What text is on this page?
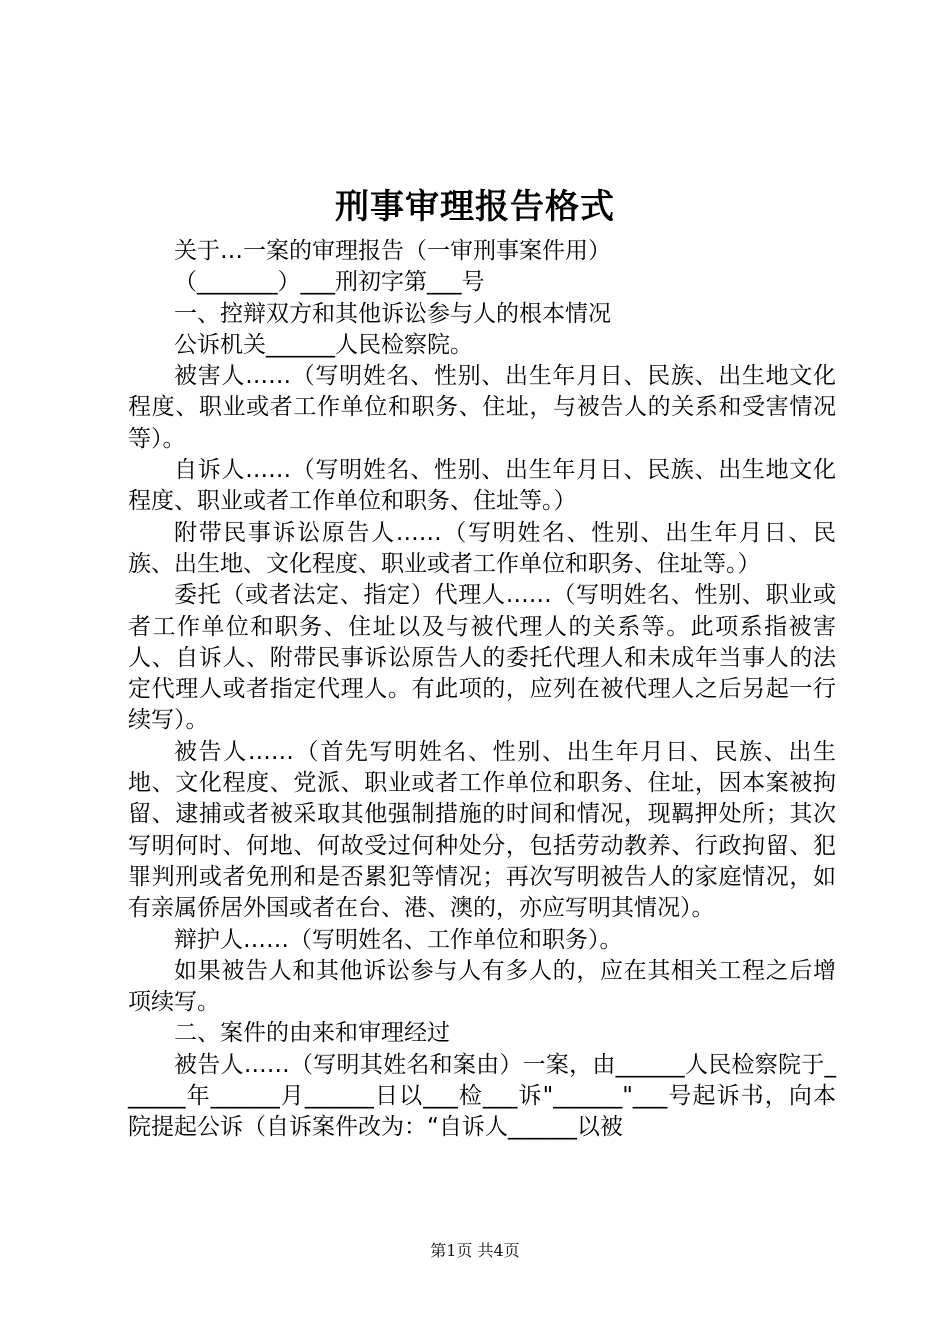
刑事审理报告格式

关于…一案的审理报告（一审刑事案件用）

（_______）___刑初字第___号

一、控辩双方和其他诉讼参与人的根本情况

公诉机关______人民检察院。

被害人……（写明姓名、性别、出生年月日、民族、出生地文化程度、职业或者工作单位和职务、住址，与被告人的关系和受害情况等）。

自诉人……（写明姓名、性别、出生年月日、民族、出生地文化程度、职业或者工作单位和职务、住址等。）

附带民事诉讼原告人……（写明姓名、性别、出生年月日、民族、出生地、文化程度、职业或者工作单位和职务、住址等。）

委托（或者法定、指定）代理人……（写明姓名、性别、职业或者工作单位和职务、住址以及与被代理人的关系等。此项系指被害人、自诉人、附带民事诉讼原告人的委托代理人和未成年当事人的法定代理人或者指定代理人。有此项的，应列在被代理人之后另起一行续写）。

被告人……（首先写明姓名、性别、出生年月日、民族、出生地、文化程度、党派、职业或者工作单位和职务、住址，因本案被拘留、逮捕或者被采取其他强制措施的时间和情况，现羁押处所；其次写明何时、何地、何故受过何种处分，包括劳动教养、行政拘留、犯罪判刑或者免刑和是否累犯等情况；再次写明被告人的家庭情况，如有亲属侨居外国或者在台、港、澳的，亦应写明其情况）。

辩护人……（写明姓名、工作单位和职务）。

如果被告人和其他诉讼参与人有多人的，应在其相关工程之后增项续写。

二、案件的由来和审理经过

被告人……（写明其姓名和案由）一案，由______人民检察院于______年______月______日以___检___诉"______"___号起诉书，向本院提起公诉（自诉案件改为：“自诉人______以被

第1页 共4页
